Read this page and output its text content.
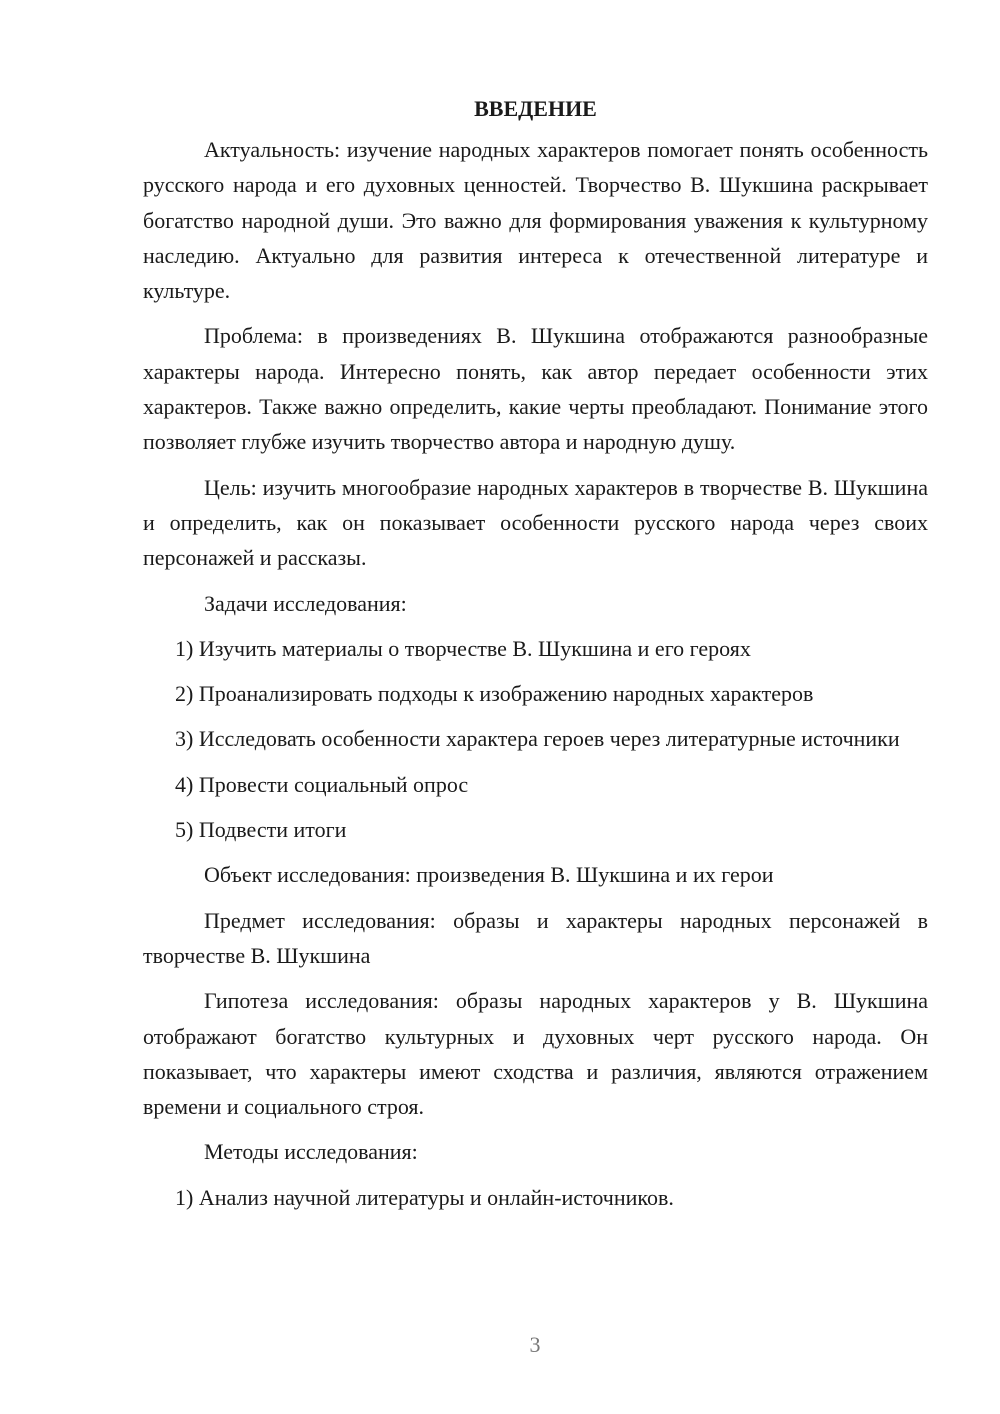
ВВЕДЕНИЕ

Актуальность: изучение народных характеров помогает понять особенность русского народа и его духовных ценностей. Творчество В. Шукшина раскрывает богатство народной души. Это важно для формирования уважения к культурному наследию. Актуально для развития интереса к отечественной литературе и культуре.

Проблема: в произведениях В. Шукшина отображаются разнообразные характеры народа. Интересно понять, как автор передает особенности этих характеров. Также важно определить, какие черты преобладают. Понимание этого позволяет глубже изучить творчество автора и народную душу.

Цель: изучить многообразие народных характеров в творчестве В. Шукшина и определить, как он показывает особенности русского народа через своих персонажей и рассказы.

Задачи исследования:

1) Изучить материалы о творчестве В. Шукшина и его героях

2) Проанализировать подходы к изображению народных характеров

3) Исследовать особенности характера героев через литературные источники

4) Провести социальный опрос

5) Подвести итоги

Объект исследования: произведения В. Шукшина и их герои

Предмет исследования: образы и характеры народных персонажей в творчестве В. Шукшина

Гипотеза исследования: образы народных характеров у В. Шукшина отображают богатство культурных и духовных черт русского народа. Он показывает, что характеры имеют сходства и различия, являются отражением времени и социального строя.

Методы исследования:

1) Анализ научной литературы и онлайн-источников.

3
